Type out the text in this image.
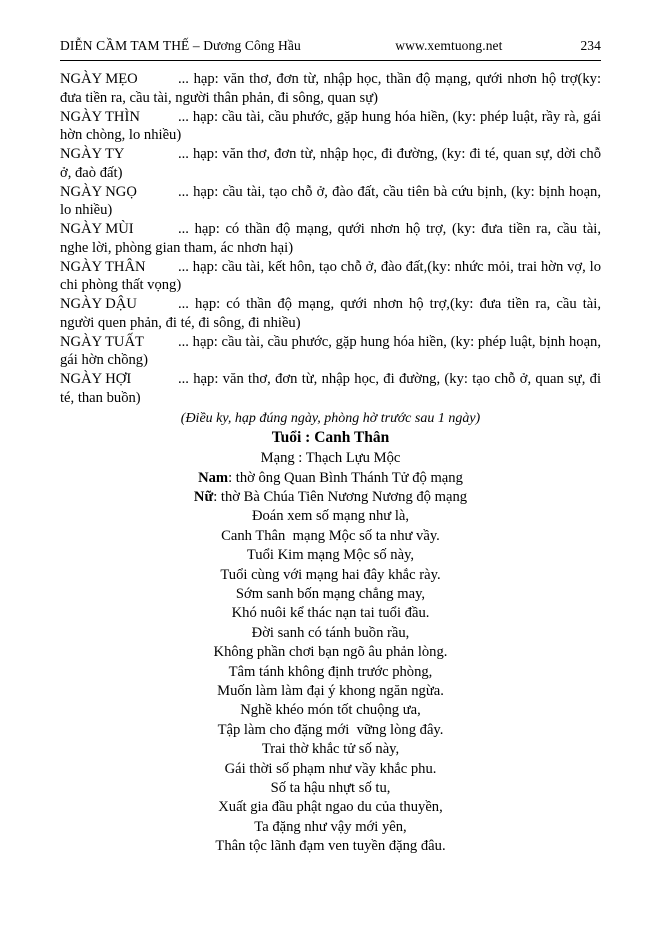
DIỄN CẦM TAM THẾ – Dương Công Hầu	www.xemtuong.net	234

NGÀY MẸO	... hạp: văn thơ, đơn từ, nhập học, thần độ mạng, qưới nhơn hộ trợ(ky: đưa tiền ra, cầu tài, người thân phản, đi sông, quan sự)

NGÀY THÌN	... hạp: cầu tài, cầu phước, gặp hung hóa hiền, (ky: phép luật, rầy rà, gái hờn chòng, lo nhiều)

NGÀY TY	... hạp: văn thơ, đơn từ, nhập học, đi đường, (ky: đi té, quan sự, dời chỗ ở, đaò đất)

NGÀY NGỌ	... hạp: cầu tài, tạo chỗ ở, đào đất, cầu tiên bà cứu bịnh, (ky: bịnh hoạn, lo nhiều)

NGÀY MÙI	... hạp: có thần độ mạng, qưới nhơn hộ trợ, (ky: đưa tiền ra, cầu tài, nghe lời, phòng gian tham, ác nhơn hại)

NGÀY THÂN ... hạp: cầu tài, kết hôn, tạo chỗ ở, đào đất,(ky: nhức mỏi, trai hờn vợ, lo chi phòng thất vọng)

NGÀY DẬU	... hạp: có thần độ mạng, qưới nhơn hộ trợ,(ky: đưa tiền ra, cầu tài, người quen phản, đi té, đi sông, đi nhiều)

NGÀY TUẤT ... hạp: cầu tài, cầu phước, gặp hung hóa hiền, (ky: phép luật, bịnh hoạn, gái hờn chồng)

NGÀY HỢI	... hạp: văn thơ, đơn từ, nhập học, đi đường, (ky: tạo chỗ ở, quan sự, đi té, than buồn)

(Điều ky, hạp đúng ngày, phòng hờ trước sau 1 ngày)
Tuổi : Canh Thân
Mạng : Thạch Lựu Mộc
Nam: thờ ông Quan Bình Thánh Tử độ mạng
Nữ: thờ Bà Chúa Tiên Nương Nương độ mạng
Đoán xem số mạng như là,
Canh Thân  mạng Mộc số ta như vầy.
Tuổi Kim mạng Mộc số này,
Tuổi cùng với mạng hai đây khắc rày.
Sớm sanh bốn mạng chẳng may,
Khó nuôi kể thác nạn tai tuổi đầu.
Đời sanh có tánh buồn rầu,
Không phần chơi bạn ngõ âu phản lòng.
Tâm tánh không định trước phòng,
Muốn làm làm đại ý khong ngăn ngừa.
Nghề khéo món tốt chuộng ưa,
Tập làm cho đặng mới  vững lòng đây.
Trai thờ khắc tử số này,
Gái thời số phạm như vầy khắc phu.
Số ta hậu nhựt số tu,
Xuất gia đầu phật ngao du của thuyền,
Ta đặng như vậy mới yên,
Thân tộc lãnh đạm ven tuyền đặng đâu.
